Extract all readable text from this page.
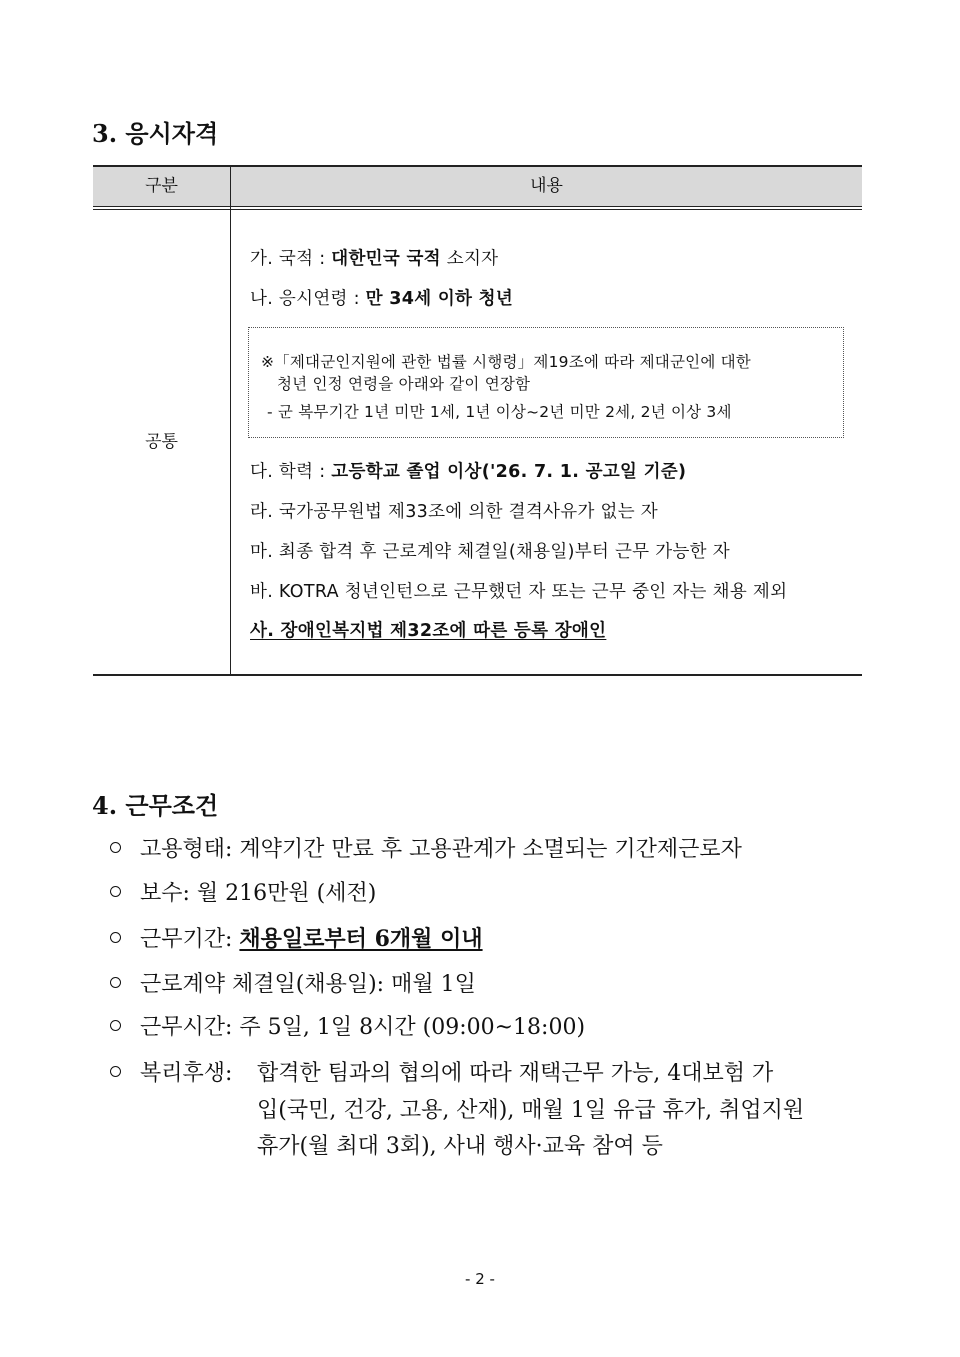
3. 응시자격
구분	내용
공통
가. 국적 : 대한민국 국적 소지자
나. 응시연령 : 만 34세 이하 청년
※「제대군인지원에 관한 법률 시행령」제19조에 따라 제대군인에 대한
청년 인정 연령을 아래와 같이 연장함
- 군 복무기간 1년 미만 1세, 1년 이상~2년 미만 2세, 2년 이상 3세
다. 학력 : 고등학교 졸업 이상('26. 7. 1. 공고일 기준)
라. 국가공무원법 제33조에 의한 결격사유가 없는 자
마. 최종 합격 후 근로계약 체결일(채용일)부터 근무 가능한 자
바. KOTRA 청년인턴으로 근무했던 자 또는 근무 중인 자는 채용 제외
사. 장애인복지법 제32조에 따른 등록 장애인
4. 근무조건
고용형태: 계약기간 만료 후 고용관계가 소멸되는 기간제근로자
보수: 월 216만원 (세전)
근무기간: 채용일로부터 6개월 이내
근로계약 체결일(채용일): 매월 1일
근무시간: 주 5일, 1일 8시간 (09:00~18:00)
복리후생: 합격한 팀과의 협의에 따라 재택근무 가능, 4대보험 가
입(국민, 건강, 고용, 산재), 매월 1일 유급 휴가, 취업지원
휴가(월 최대 3회), 사내 행사·교육 참여 등
- 2 -
